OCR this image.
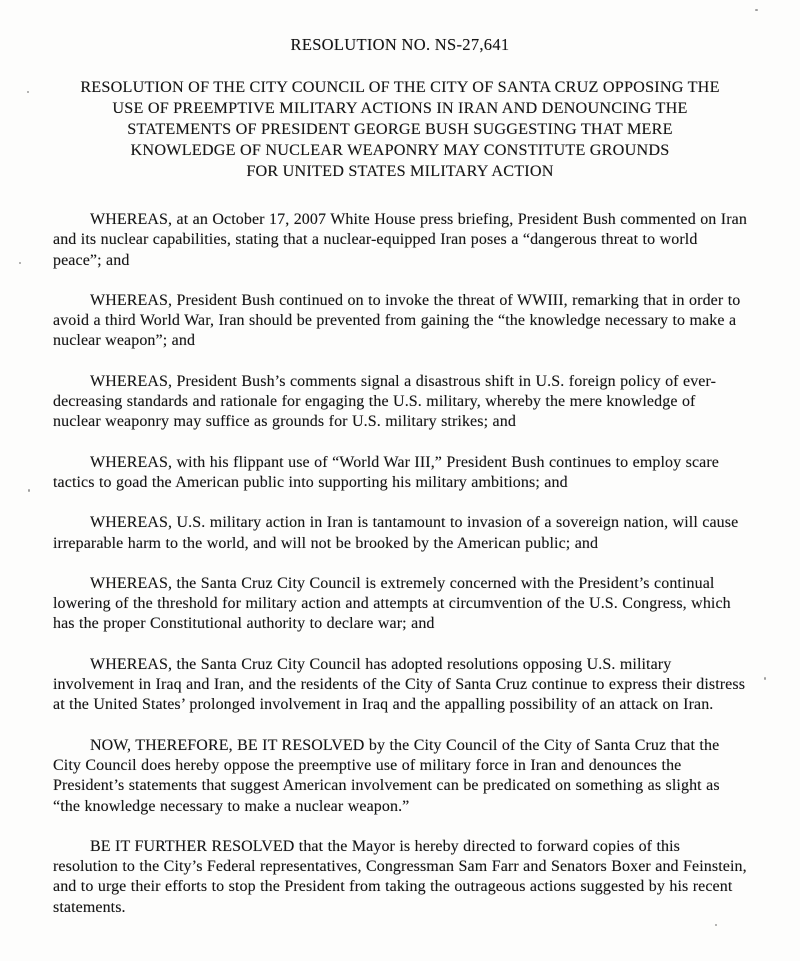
RESOLUTION NO. NS-27,641
RESOLUTION OF THE CITY COUNCIL OF THE CITY OF SANTA CRUZ OPPOSING THE
USE OF PREEMPTIVE MILITARY ACTIONS IN IRAN AND DENOUNCING THE
STATEMENTS OF PRESIDENT GEORGE BUSH SUGGESTING THAT MERE
KNOWLEDGE OF NUCLEAR WEAPONRY MAY CONSTITUTE GROUNDS
FOR UNITED STATES MILITARY ACTION

WHEREAS, at an October 17, 2007 White House press briefing, President Bush commented on Iran and its nuclear capabilities, stating that a nuclear-equipped Iran poses a “dangerous threat to world peace”; and

WHEREAS, President Bush continued on to invoke the threat of WWIII, remarking that in order to avoid a third World War, Iran should be prevented from gaining the “the knowledge necessary to make a nuclear weapon”; and

WHEREAS, President Bush’s comments signal a disastrous shift in U.S. foreign policy of ever-decreasing standards and rationale for engaging the U.S. military, whereby the mere knowledge of nuclear weaponry may suffice as grounds for U.S. military strikes; and

WHEREAS, with his flippant use of “World War III,” President Bush continues to employ scare tactics to goad the American public into supporting his military ambitions; and

WHEREAS, U.S. military action in Iran is tantamount to invasion of a sovereign nation, will cause irreparable harm to the world, and will not be brooked by the American public; and

WHEREAS, the Santa Cruz City Council is extremely concerned with the President’s continual lowering of the threshold for military action and attempts at circumvention of the U.S. Congress, which has the proper Constitutional authority to declare war; and

WHEREAS, the Santa Cruz City Council has adopted resolutions opposing U.S. military involvement in Iraq and Iran, and the residents of the City of Santa Cruz continue to express their distress at the United States’ prolonged involvement in Iraq and the appalling possibility of an attack on Iran.

NOW, THEREFORE, BE IT RESOLVED by the City Council of the City of Santa Cruz that the City Council does hereby oppose the preemptive use of military force in Iran and denounces the President’s statements that suggest American involvement can be predicated on something as slight as “the knowledge necessary to make a nuclear weapon.”

BE IT FURTHER RESOLVED that the Mayor is hereby directed to forward copies of this resolution to the City’s Federal representatives, Congressman Sam Farr and Senators Boxer and Feinstein, and to urge their efforts to stop the President from taking the outrageous actions suggested by his recent statements.
